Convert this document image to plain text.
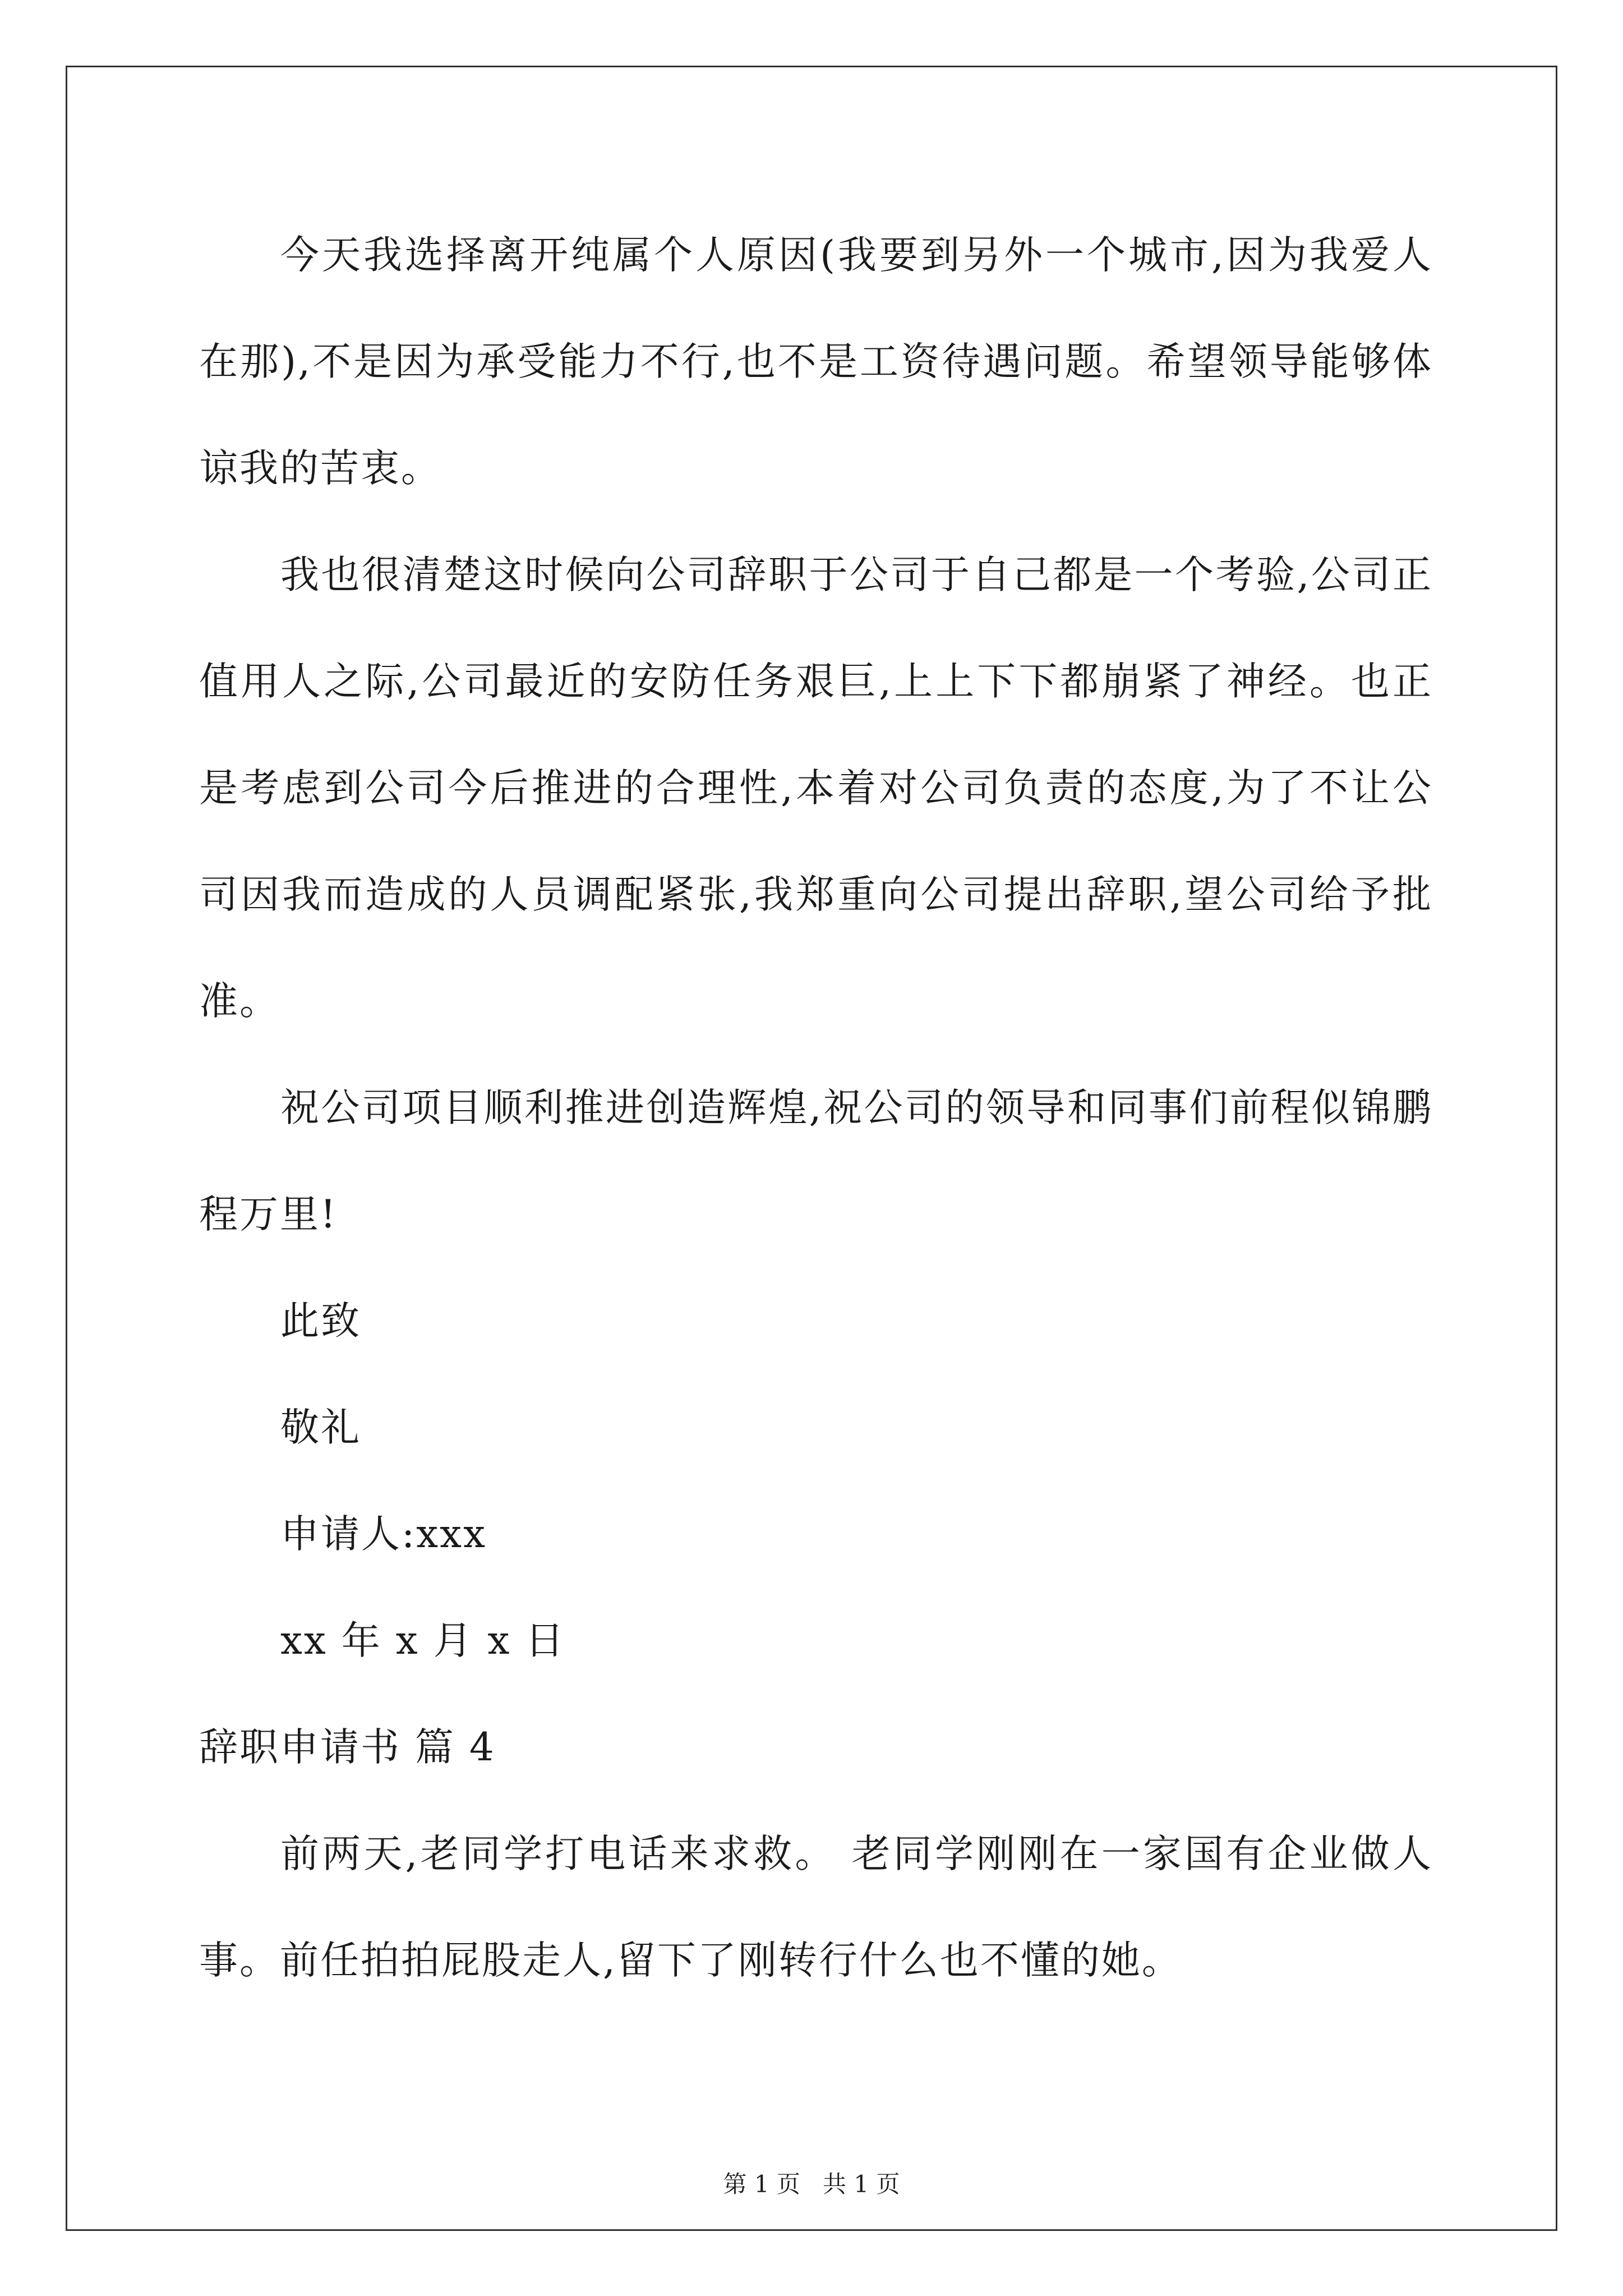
今天我选择离开纯属个人原因(我要到另外一个城市,因为我爱人在那),不是因为承受能力不行,也不是工资待遇问题。希望领导能够体谅我的苦衷。

我也很清楚这时候向公司辞职于公司于自己都是一个考验,公司正值用人之际,公司最近的安防任务艰巨,上上下下都崩紧了神经。也正是考虑到公司今后推进的合理性,本着对公司负责的态度,为了不让公司因我而造成的人员调配紧张,我郑重向公司提出辞职,望公司给予批准。

祝公司项目顺利推进创造辉煌,祝公司的领导和同事们前程似锦鹏程万里!

此致

敬礼

申请人:xxx

xx 年 x 月 x 日

辞职申请书 篇 4

前两天,老同学打电话来求救。 老同学刚刚在一家国有企业做人事。前任拍拍屁股走人,留下了刚转行什么也不懂的她。

第 1 页   共 1 页
